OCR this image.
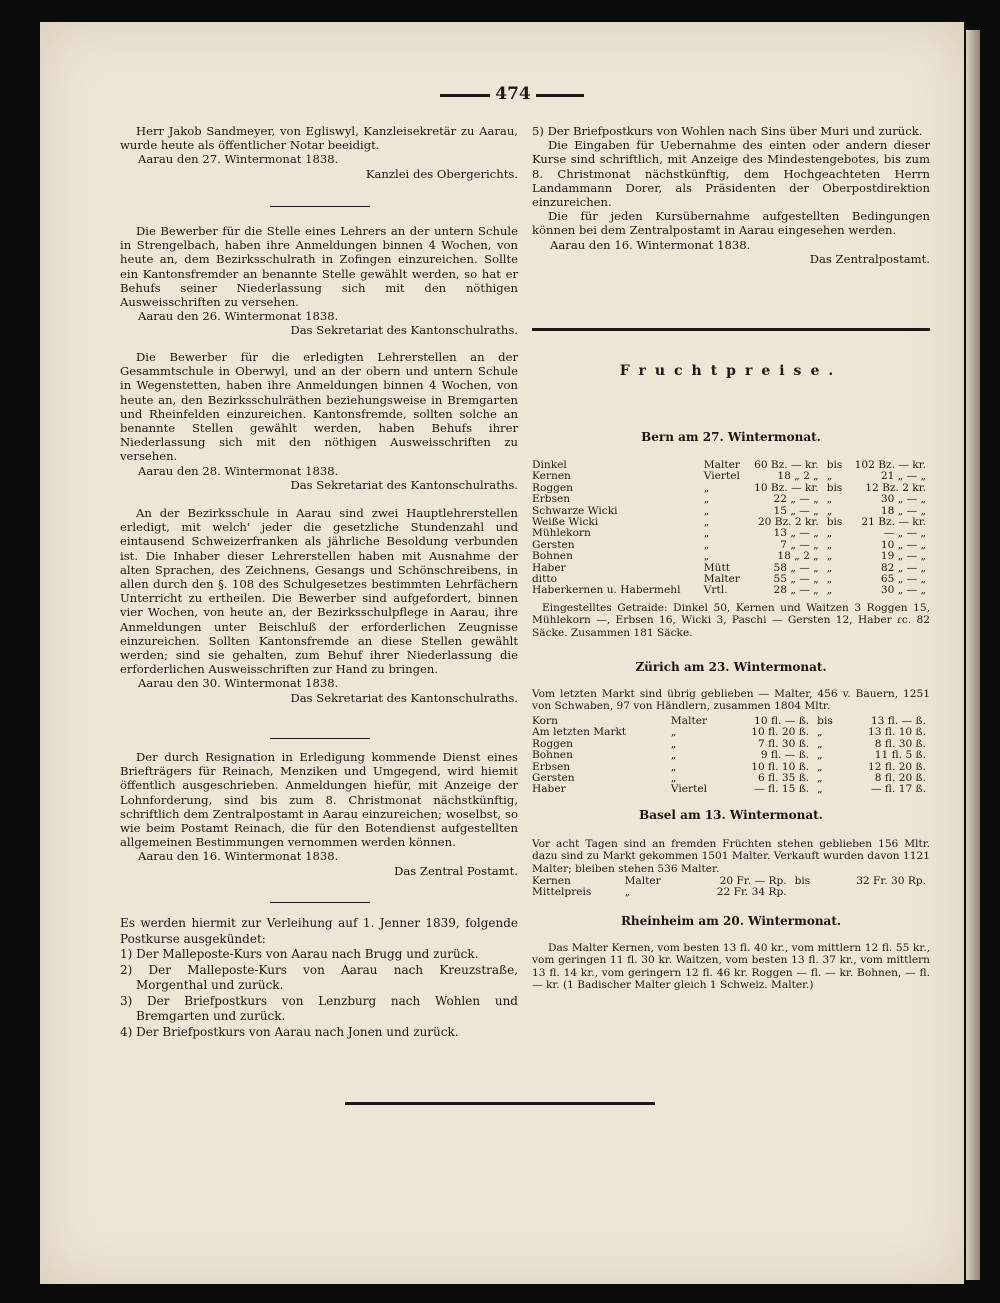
474

Herr Jakob Sandmeyer, von Egliswyl, Kanzleisekretär zu Aarau, wurde heute als öffentlicher Notar beeidigt.

Aarau den 27. Wintermonat 1838.

Kanzlei des Obergerichts.

Die Bewerber für die Stelle eines Lehrers an der untern Schule in Strengelbach, haben ihre Anmeldungen binnen 4 Wochen, von heute an, dem Bezirksschulrath in Zofingen einzureichen. Sollte ein Kantonsfremder an benannte Stelle gewählt werden, so hat er Behufs seiner Niederlassung sich mit den nöthigen Ausweisschriften zu versehen.

Aarau den 26. Wintermonat 1838.

Das Sekretariat des Kantonschulraths.

Die Bewerber für die erledigten Lehrerstellen an der Gesammtschule in Oberwyl, und an der obern und untern Schule in Wegenstetten, haben ihre Anmeldungen binnen 4 Wochen, von heute an, den Bezirksschulräthen beziehungsweise in Bremgarten und Rheinfelden einzureichen. Kantonsfremde, sollten solche an benannte Stellen gewählt werden, haben Behufs ihrer Niederlassung sich mit den nöthigen Ausweisschriften zu versehen.

Aarau den 28. Wintermonat 1838.

Das Sekretariat des Kantonschulraths.

An der Bezirksschule in Aarau sind zwei Hauptlehrerstellen erledigt, mit welch' jeder die gesetzliche Stundenzahl und eintausend Schweizerfranken als jährliche Besoldung verbunden ist. Die Inhaber dieser Lehrerstellen haben mit Ausnahme der alten Sprachen, des Zeichnens, Gesangs und Schönschreibens, in allen durch den §. 108 des Schulgesetzes bestimmten Lehrfächern Unterricht zu ertheilen. Die Bewerber sind aufgefordert, binnen vier Wochen, von heute an, der Bezirksschulpflege in Aarau, ihre Anmeldungen unter Beischluß der erforderlichen Zeugnisse einzureichen. Sollten Kantonsfremde an diese Stellen gewählt werden; sind sie gehalten, zum Behuf ihrer Niederlassung die erforderlichen Ausweisschriften zur Hand zu bringen.

Aarau den 30. Wintermonat 1838.

Das Sekretariat des Kantonschulraths.

Der durch Resignation in Erledigung kommende Dienst eines Briefträgers für Reinach, Menziken und Umgegend, wird hiemit öffentlich ausgeschrieben. Anmeldungen hiefür, mit Anzeige der Lohnforderung, sind bis zum 8. Christmonat nächstkünftig, schriftlich dem Zentralpostamt in Aarau einzureichen; woselbst, so wie beim Postamt Reinach, die für den Botendienst aufgestellten allgemeinen Bestimmungen vernommen werden können.

Aarau den 16. Wintermonat 1838.

Das Zentral Postamt.

Es werden hiermit zur Verleihung auf 1. Jenner 1839, folgende Postkurse ausgekündet:

1) Der Malleposte-Kurs von Aarau nach Brugg und zurück.

2) Der Malleposte-Kurs von Aarau nach Kreuzstraße, Morgenthal und zurück.

3) Der Briefpostkurs von Lenzburg nach Wohlen und Bremgarten und zurück.

4) Der Briefpostkurs von Aarau nach Jonen und zurück.

5) Der Briefpostkurs von Wohlen nach Sins über Muri und zurück.

Die Eingaben für Uebernahme des einten oder andern dieser Kurse sind schriftlich, mit Anzeige des Mindestengebotes, bis zum 8. Christmonat nächstkünftig, dem Hochgeachteten Herrn Landammann Dorer, als Präsidenten der Oberpostdirektion einzureichen.

Die für jeden Kursübernahme aufgestellten Bedingungen können bei dem Zentralpostamt in Aarau eingesehen werden.

Aarau den 16. Wintermonat 1838.

Das Zentralpostamt.

Fruchtpreise.
Bern am 27. Wintermonat.
Dinkel	Malter	60 Bz. — kr.	bis	102 Bz. — kr.
Kernen	Viertel	18 „ 2 „	„	21 „ — „
Roggen	„	10 Bz. — kr.	bis	12 Bz. 2 kr.
Erbsen	„	22 „ — „	„	30 „ — „
Schwarze Wicki	„	15 „ — „	„	18 „ — „
Weiße Wicki	„	20 Bz. 2 kr.	bis	21 Bz. — kr.
Mühlekorn	„	13 „ — „	„	— „ — „
Gersten	„	7 „ — „	„	10 „ — „
Bohnen	„	18 „ 2 „	„	19 „ — „
Haber	Mütt	58 „ — „	„	82 „ — „
ditto	Malter	55 „ — „	„	65 „ — „
Haberkernen u. Habermehl	Vrtl.	28 „ — „	„	30 „ — „
Eingestelltes Getraide: Dinkel 50, Kernen und Waitzen 3 Roggen 15, Mühlekorn —, Erbsen 16, Wicki 3, Paschi — Gersten 12, Haber ɾc. 82 Säcke. Zusammen 181 Säcke.
Zürich am 23. Wintermonat.
Vom letzten Markt sind übrig geblieben — Malter, 456 v. Bauern, 1251 von Schwaben, 97 von Händlern, zusammen 1804 Mltr.
Korn	Malter	10 fl. — ß.	bis	13 fl. — ß.
Am letzten Markt	„	10 fl. 20 ß.	„	13 fl. 10 ß.
Roggen	„	7 fl. 30 ß.	„	8 fl. 30 ß.
Bohnen	„	9 fl. — ß.	„	11 fl. 5 ß.
Erbsen	„	10 fl. 10 ß.	„	12 fl. 20 ß.
Gersten	„	6 fl. 35 ß.	„	8 fl. 20 ß.
Haber	Viertel	— fl. 15 ß.	„	— fl. 17 ß.
Basel am 13. Wintermonat.
Vor acht Tagen sind an fremden Früchten stehen geblieben 156 Mltr. dazu sind zu Markt gekommen 1501 Malter. Verkauft wurden davon 1121 Malter; bleiben stehen 536 Malter.
Kernen	Malter	20 Fr. — Rp.	bis	32 Fr. 30 Rp.
Mittelpreis	„	22 Fr. 34 Rp.		
Rheinheim am 20. Wintermonat.
Das Malter Kernen, vom besten 13 fl. 40 kr., vom mittlern 12 fl. 55 kr., vom geringen 11 fl. 30 kr. Waitzen, vom besten 13 fl. 37 kr., vom mittlern 13 fl. 14 kr., vom geringern 12 fl. 46 kr. Roggen — fl. — kr. Bohnen, — fl. — kr. (1 Badischer Malter gleich 1 Schweiz. Malter.)
